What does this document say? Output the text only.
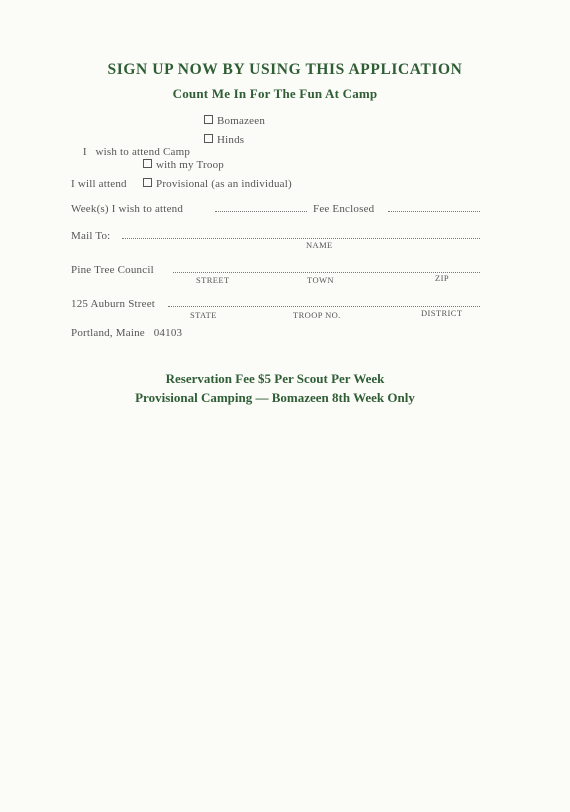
SIGN UP NOW BY USING THIS APPLICATION
Count Me In For The Fun At Camp
Bomazeen

I   wish to attend Camp

Hinds
with my Troop
I will attend	Provisional (as an individual)
Week(s) I wish to attend	Fee Enclosed
Mail To:
NAME
Pine Tree Council
STREET	TOWN	ZIP
125 Auburn Street
STATE	TROOP NO.	DISTRICT
Portland, Maine   04103
Reservation Fee $5 Per Scout Per Week
Provisional Camping — Bomazeen 8th Week Only
